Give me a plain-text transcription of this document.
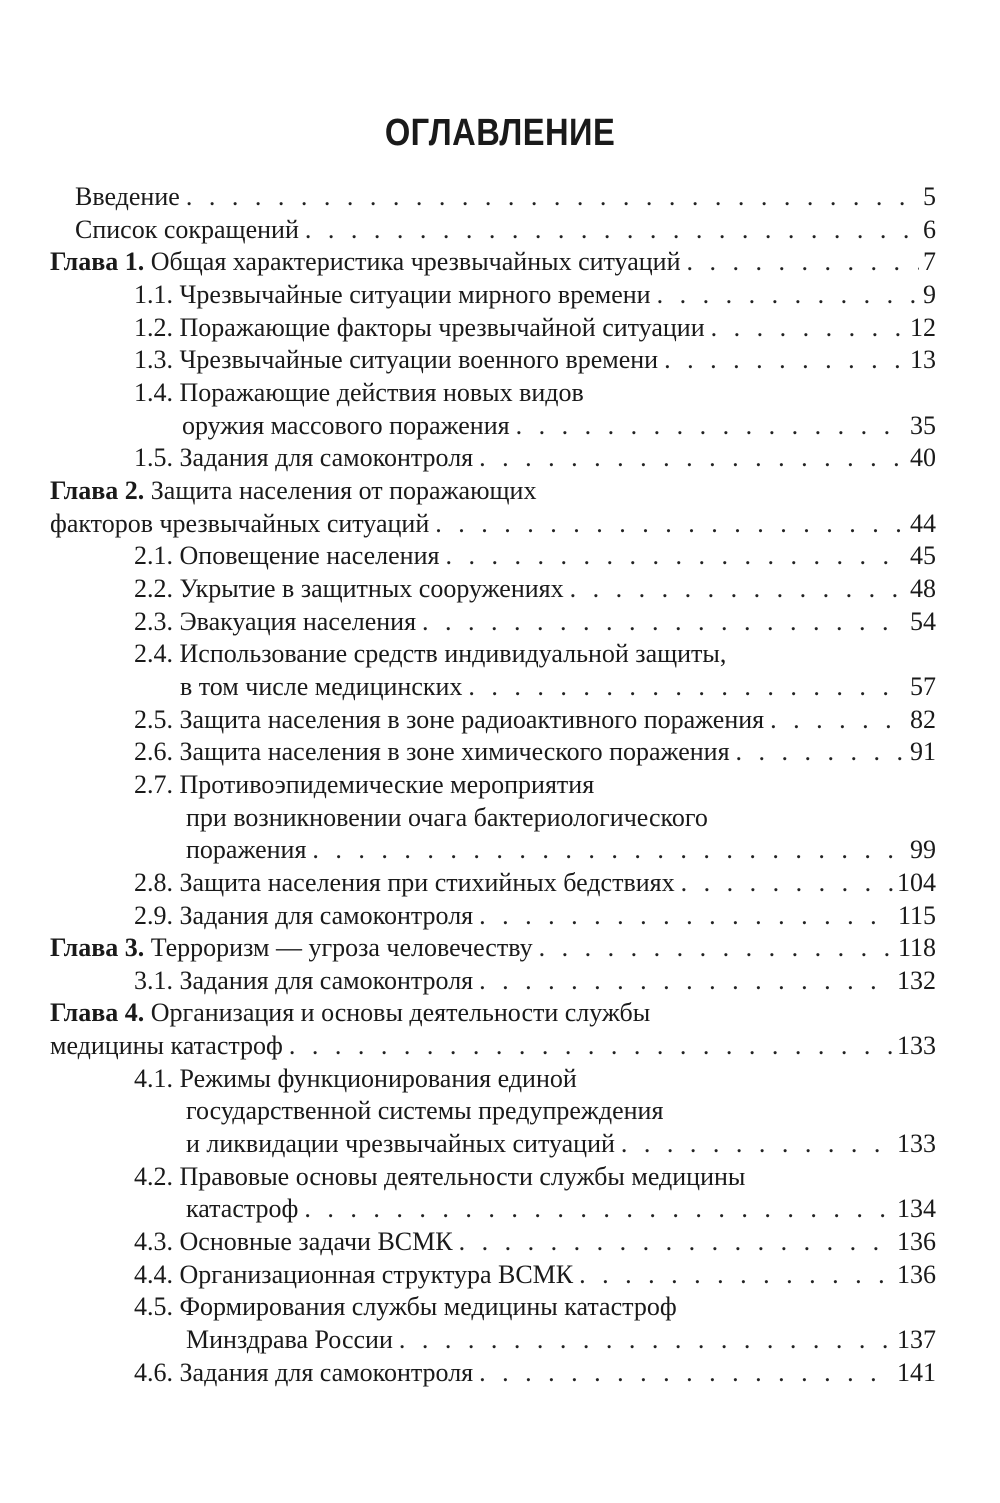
ОГЛАВЛЕНИЕ
Введение . . .	5
Список сокращений . . .	6
Глава 1. Общая характеристика чрезвычайных ситуаций . . .	7
1.1. Чрезвычайные ситуации мирного времени . . .	9
1.2. Поражающие факторы чрезвычайной ситуации . . .	12
1.3. Чрезвычайные ситуации военного времени . . .	13
1.4. Поражающие действия новых видов
оружия массового поражения . . .	35
1.5. Задания для самоконтроля . . .	40
Глава 2. Защита населения от поражающих
факторов чрезвычайных ситуаций . . .	44
2.1. Оповещение населения . . .	45
2.2. Укрытие в защитных сооружениях . . .	48
2.3. Эвакуация населения . . .	54
2.4. Использование средств индивидуальной защиты,
в том числе медицинских . . .	57
2.5. Защита населения в зоне радиоактивного поражения . . .	82
2.6. Защита населения в зоне химического поражения . . .	91
2.7. Противоэпидемические мероприятия
при возникновении очага бактериологического
поражения . . .	99
2.8. Защита населения при стихийных бедствиях . . .	104
2.9. Задания для самоконтроля . . .	115
Глава 3. Терроризм — угроза человечеству . . .	118
3.1. Задания для самоконтроля . . .	132
Глава 4. Организация и основы деятельности службы
медицины катастроф . . .	133
4.1. Режимы функционирования единой
государственной системы предупреждения
и ликвидации чрезвычайных ситуаций . . .	133
4.2. Правовые основы деятельности службы медицины
катастроф . . .	134
4.3. Основные задачи ВСМК . . .	136
4.4. Организационная структура ВСМК . . .	136
4.5. Формирования службы медицины катастроф
Минздрава России . . .	137
4.6. Задания для самоконтроля . . .	141
